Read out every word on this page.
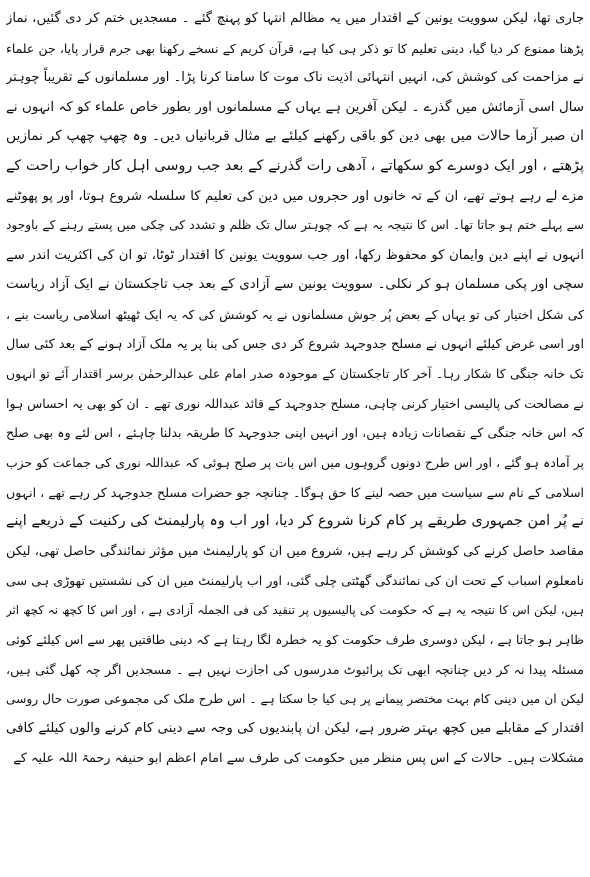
جاری تھا، لیکن سوویت یونین کے اقتدار میں یہ مظالم انتہا کو پہنچ گئے ۔ مسجدیں ختم کر دی گئیں، نماز
پڑھنا ممنوع کر دیا گیا، دینی تعلیم کا تو ذکر ہی کیا ہے، قرآن کریم کے نسخے رکھنا بھی جرم قرار پایا، جن علماء
نے مزاحمت کی کوشش کی، انہیں انتہائی اذیت ناک موت کا سامنا کرنا پڑا۔ اور مسلمانوں کے تقریباً چوہتر
سال اسی آزمائش میں گذرے ۔ لیکن آفرین ہے یہاں کے مسلمانوں اور بطور خاص علماء کو کہ انہوں نے
ان صبر آزما حالات میں بھی دین کو باقی رکھنے کیلئے بے مثال قربانیاں دیں۔ وہ چھپ چھپ کر نمازیں
پڑھتے ، اور ایک دوسرے کو سکھاتے ، آدھی رات گذرنے کے بعد جب روسی اہل کار خواب راحت کے
مزے لے رہے ہوتے تھے، ان کے تہ خانوں اور حجروں میں دین کی تعلیم کا سلسلہ شروع ہوتا، اور پو پھوٹنے
سے پہلے ختم ہو جاتا تھا۔ اس کا نتیجہ یہ ہے کہ چوہتر سال تک ظلم و تشدد کی چکی میں پستے رہنے کے باوجود
انہوں نے اپنے دین وایمان کو محفوظ رکھا، اور جب سوویت یونین کا اقتدار ٹوٹا، تو ان کی اکثریت اندر سے
سچی اور پکی مسلمان ہو کر نکلی۔ سوویت یونین سے آزادی کے بعد جب تاجکستان نے ایک آزاد ریاست
کی شکل اختیار کی تو یہاں کے بعض پُر جوش مسلمانوں نے یہ کوشش کی کہ یہ ایک ٹھیٹھ اسلامی ریاست بنے ،
اور اسی غرض کیلئے انہوں نے مسلح جدوجہد شروع کر دی جس کی بنا پر یہ ملک آزاد ہونے کے بعد کئی سال
تک خانہ جنگی کا شکار رہا۔ آخر کار تاجکستان کے موجودہ صدر امام علی عبدالرحمٰن برسر اقتدار آئے تو انہوں
نے مصالحت کی پالیسی اختیار کرنی چاہی، مسلح جدوجہد کے قائد عبداللہ نوری تھے ۔ ان کو بھی یہ احساس ہوا
کہ اس خانہ جنگی کے نقصانات زیادہ ہیں، اور انہیں اپنی جدوجہد کا طریقہ بدلنا چاہئے ، اس لئے وہ بھی صلح
پر آمادہ ہو گئے ، اور اس طرح دونوں گروہوں میں اس بات پر صلح ہوئی کہ عبداللہ نوری کی جماعت کو حزب
اسلامی کے نام سے سیاست میں حصہ لینے کا حق ہوگا۔ چنانچہ جو حضرات مسلح جدوجہد کر رہے تھے ، انہوں
نے پُر امن جمہوری طریقے پر کام کرنا شروع کر دیا، اور اب وہ پارلیمنٹ کی رکنیت کے ذریعے اپنے
مقاصد حاصل کرنے کی کوشش کر رہے ہیں، شروع میں ان کو پارلیمنٹ میں مؤثر نمائندگی حاصل تھی، لیکن
نامعلوم اسباب کے تحت ان کی نمائندگی گھٹتی چلی گئی، اور اب پارلیمنٹ میں ان کی نشستیں تھوڑی ہی سی
ہیں، لیکن اس کا نتیجہ یہ ہے کہ حکومت کی پالیسیوں پر تنقید کی فی الجملہ آزادی ہے ، اور اس کا کچھ نہ کچھ اثر
ظاہر ہو جاتا ہے ، لیکن دوسری طرف حکومت کو یہ خطرہ لگا رہتا ہے کہ دینی طاقتیں پھر سے اس کیلئے کوئی
مسئلہ پیدا نہ کر دیں چنانچہ ابھی تک پرائیوٹ مدرسوں کی اجازت نہیں ہے ۔ مسجدیں اگر چہ کھل گئی ہیں،
لیکن ان میں دینی کام بہت مختصر پیمانے پر ہی کیا جا سکتا ہے ۔ اس طرح ملک کی مجموعی صورت حال روسی
اقتدار کے مقابلے میں کچھ بہتر ضرور ہے، لیکن ان پابندیوں کی وجہ سے دینی کام کرنے والوں کیلئے کافی
مشکلات ہیں۔ حالات کے اس پس منظر میں حکومت کی طرف سے امام اعظم ابو حنیفہ رحمۃ اللہ علیہ کے
